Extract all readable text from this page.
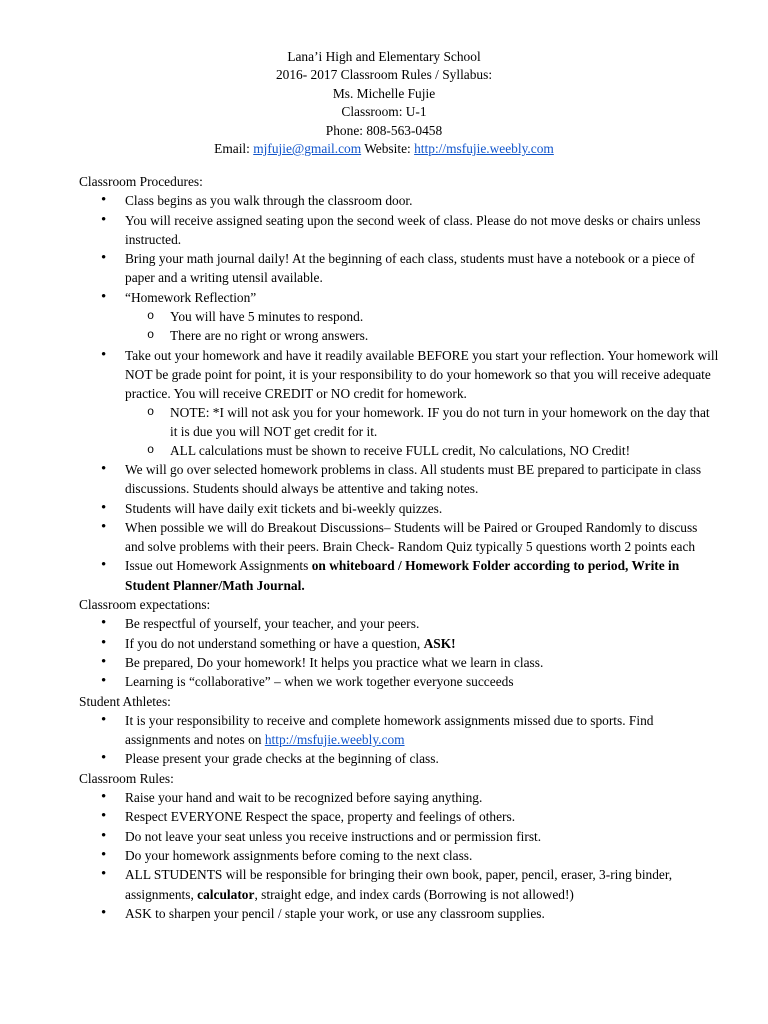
Lana’i High and Elementary School
2016- 2017 Classroom Rules / Syllabus:
Ms. Michelle Fujie
Classroom: U-1
Phone: 808-563-0458
Email: mjfujie@gmail.com Website: http://msfujie.weebly.com
Classroom Procedures:
• Class begins as you walk through the classroom door.
• You will receive assigned seating upon the second week of class. Please do not move desks or chairs unless instructed.
• Bring your math journal daily! At the beginning of each class, students must have a notebook or a piece of paper and a writing utensil available.
• “Homework Reflection”
o You will have 5 minutes to respond.
o There are no right or wrong answers.
• Take out your homework and have it readily available BEFORE you start your reflection. Your homework will NOT be grade point for point, it is your responsibility to do your homework so that you will receive adequate practice. You will receive CREDIT or NO credit for homework.
o NOTE: *I will not ask you for your homework. IF you do not turn in your homework on the day that it is due you will NOT get credit for it.
o ALL calculations must be shown to receive FULL credit, No calculations, NO Credit!
• We will go over selected homework problems in class. All students must BE prepared to participate in class discussions. Students should always be attentive and taking notes.
• Students will have daily exit tickets and bi-weekly quizzes.
• When possible we will do Breakout Discussions– Students will be Paired or Grouped Randomly to discuss and solve problems with their peers. Brain Check- Random Quiz typically 5 questions worth 2 points each
• Issue out Homework Assignments on whiteboard / Homework Folder according to period, Write in Student Planner/Math Journal.
Classroom expectations:
• Be respectful of yourself, your teacher, and your peers.
• If you do not understand something or have a question, ASK!
• Be prepared, Do your homework! It helps you practice what we learn in class.
• Learning is “collaborative” – when we work together everyone succeeds
Student Athletes:
• It is your responsibility to receive and complete homework assignments missed due to sports. Find assignments and notes on http://msfujie.weebly.com
• Please present your grade checks at the beginning of class.
Classroom Rules:
• Raise your hand and wait to be recognized before saying anything.
• Respect EVERYONE Respect the space, property and feelings of others.
• Do not leave your seat unless you receive instructions and or permission first.
• Do your homework assignments before coming to the next class.
• ALL STUDENTS will be responsible for bringing their own book, paper, pencil, eraser, 3-ring binder, assignments, calculator, straight edge, and index cards (Borrowing is not allowed!)
• ASK to sharpen your pencil / staple your work, or use any classroom supplies.
